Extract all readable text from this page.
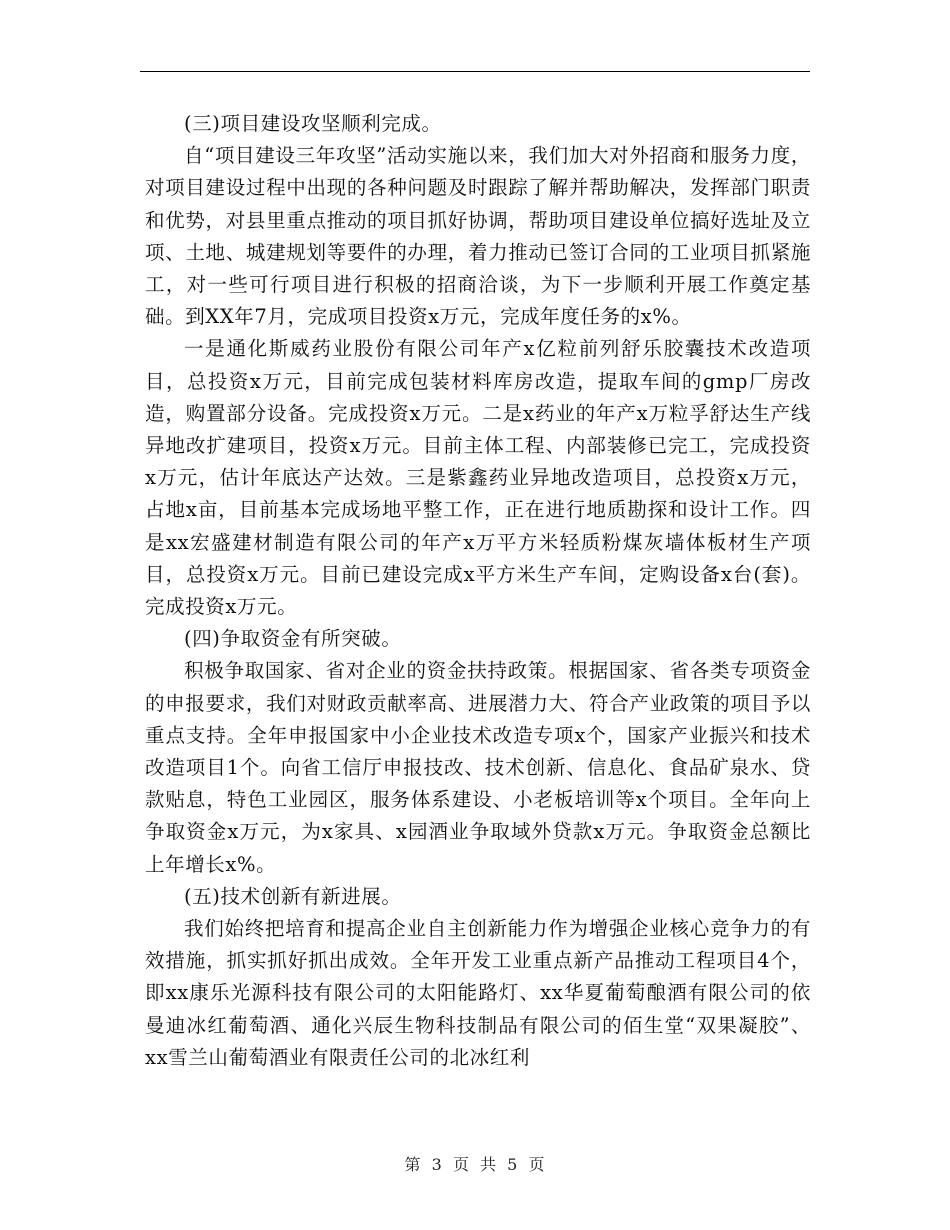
(三)项目建设攻坚顺利完成。

自“项目建设三年攻坚”活动实施以来，我们加大对外招商和服务力度，对项目建设过程中出现的各种问题及时跟踪了解并帮助解决，发挥部门职责和优势，对县里重点推动的项目抓好协调，帮助项目建设单位搞好选址及立项、土地、城建规划等要件的办理，着力推动已签订合同的工业项目抓紧施工，对一些可行项目进行积极的招商洽谈，为下一步顺利开展工作奠定基础。到XX年7月，完成项目投资x万元，完成年度任务的x%。

一是通化斯威药业股份有限公司年产x亿粒前列舒乐胶囊技术改造项目，总投资x万元，目前完成包装材料库房改造，提取车间的gmp厂房改造，购置部分设备。完成投资x万元。二是x药业的年产x万粒孚舒达生产线异地改扩建项目，投资x万元。目前主体工程、内部装修已完工，完成投资x万元，估计年底达产达效。三是紫鑫药业异地改造项目，总投资x万元，占地x亩，目前基本完成场地平整工作，正在进行地质勘探和设计工作。四是xx宏盛建材制造有限公司的年产x万平方米轻质粉煤灰墙体板材生产项目，总投资x万元。目前已建设完成x平方米生产车间，定购设备x台(套)。完成投资x万元。

(四)争取资金有所突破。

积极争取国家、省对企业的资金扶持政策。根据国家、省各类专项资金的申报要求，我们对财政贡献率高、进展潜力大、符合产业政策的项目予以重点支持。全年申报国家中小企业技术改造专项x个，国家产业振兴和技术改造项目1个。向省工信厅申报技改、技术创新、信息化、食品矿泉水、贷款贴息，特色工业园区，服务体系建设、小老板培训等x个项目。全年向上争取资金x万元，为x家具、x园酒业争取域外贷款x万元。争取资金总额比上年增长x%。

(五)技术创新有新进展。

我们始终把培育和提高企业自主创新能力作为增强企业核心竞争力的有效措施，抓实抓好抓出成效。全年开发工业重点新产品推动工程项目4个，即xx康乐光源科技有限公司的太阳能路灯、xx华夏葡萄酿酒有限公司的依曼迪冰红葡萄酒、通化兴辰生物科技制品有限公司的佰生堂“双果凝胶”、xx雪兰山葡萄酒业有限责任公司的北冰红利

第 3 页 共 5 页
